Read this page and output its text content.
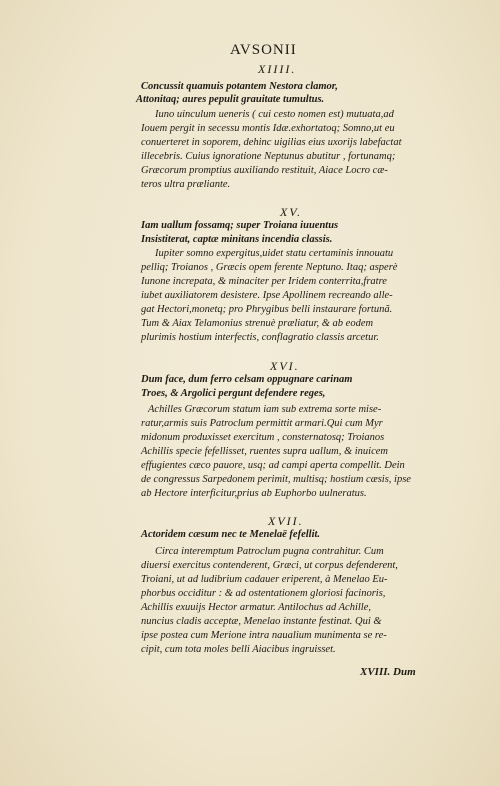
AVSONII
XIIII.
Concussit quamuis potantem Nestora clamor,
Attonitaq; aures pepulit grauitate tumultus.
Iuno uinculum ueneris ( cui cesto nomen est) mutuata,ad
Iouem pergit in secessu montis Idæ.exhortatoq; Somno,ut eu
conuerteret in soporem, dehinc uigilias eius uxorijs labefactat
illecebris. Cuius ignoratione Neptunus abutitur , fortunamq;
Græcorum promptius auxiliando restituit, Aiace Locro cæ-
teros ultra præliante.
XV.
Iam uallum fossamq; super Troiana iuuentus
Insistiterat, captæ minitans incendia classis.
Iupiter somno expergitus,uidet statu certaminis innouatu
pelliq; Troianos , Græcis opem ferente Neptuno. Itaq; asperè
Iunone increpata, & minaciter per Iridem conterrita,fratre
iubet auxiliatorem desistere. Ipse Apollinem recreando alle-
gat Hectori,monetq; pro Phrygibus belli instaurare fortunã.
Tum & Aiax Telamonius strenuè præliatur, & ab eodem
plurimis hostium interfectis, conflagratio classis arcetur.
XVI.
Dum face, dum ferro celsam oppugnare carinam
Troes, & Argolici pergunt defendere reges,
Achilles Græcorum statum iam sub extrema sorte mise-
ratur,armis suis Patroclum permittit armari.Qui cum Myr
midonum produxisset exercitum , consternatosq; Troianos
Achillis specie fefellisset, ruentes supra uallum, & inuicem
effugientes cæco pauore, usq; ad campi aperta compellit. Dein
de congressus Sarpedonem perimit, multisq; hostium cæsis, ipse
ab Hectore interficitur,prius ab Euphorbo uulneratus.
XVII.
Actoridem cæsum nec te Menelaë fefellit.
Circa interemptum Patroclum pugna contrahitur. Cum
diuersi exercitus contenderent, Græci, ut corpus defenderent,
Troiani, ut ad ludibrium cadauer eriperent, à Menelao Eu-
phorbus occiditur : & ad ostentationem gloriosi facinoris,
Achillis exuuijs Hector armatur. Antilochus ad Achille,
nuncius cladis acceptæ, Menelao instante festinat. Qui &
ipse postea cum Merione intra naualium munimenta se re-
cipit, cum tota moles belli Aiacibus ingruisset.
XVIII. Dum
